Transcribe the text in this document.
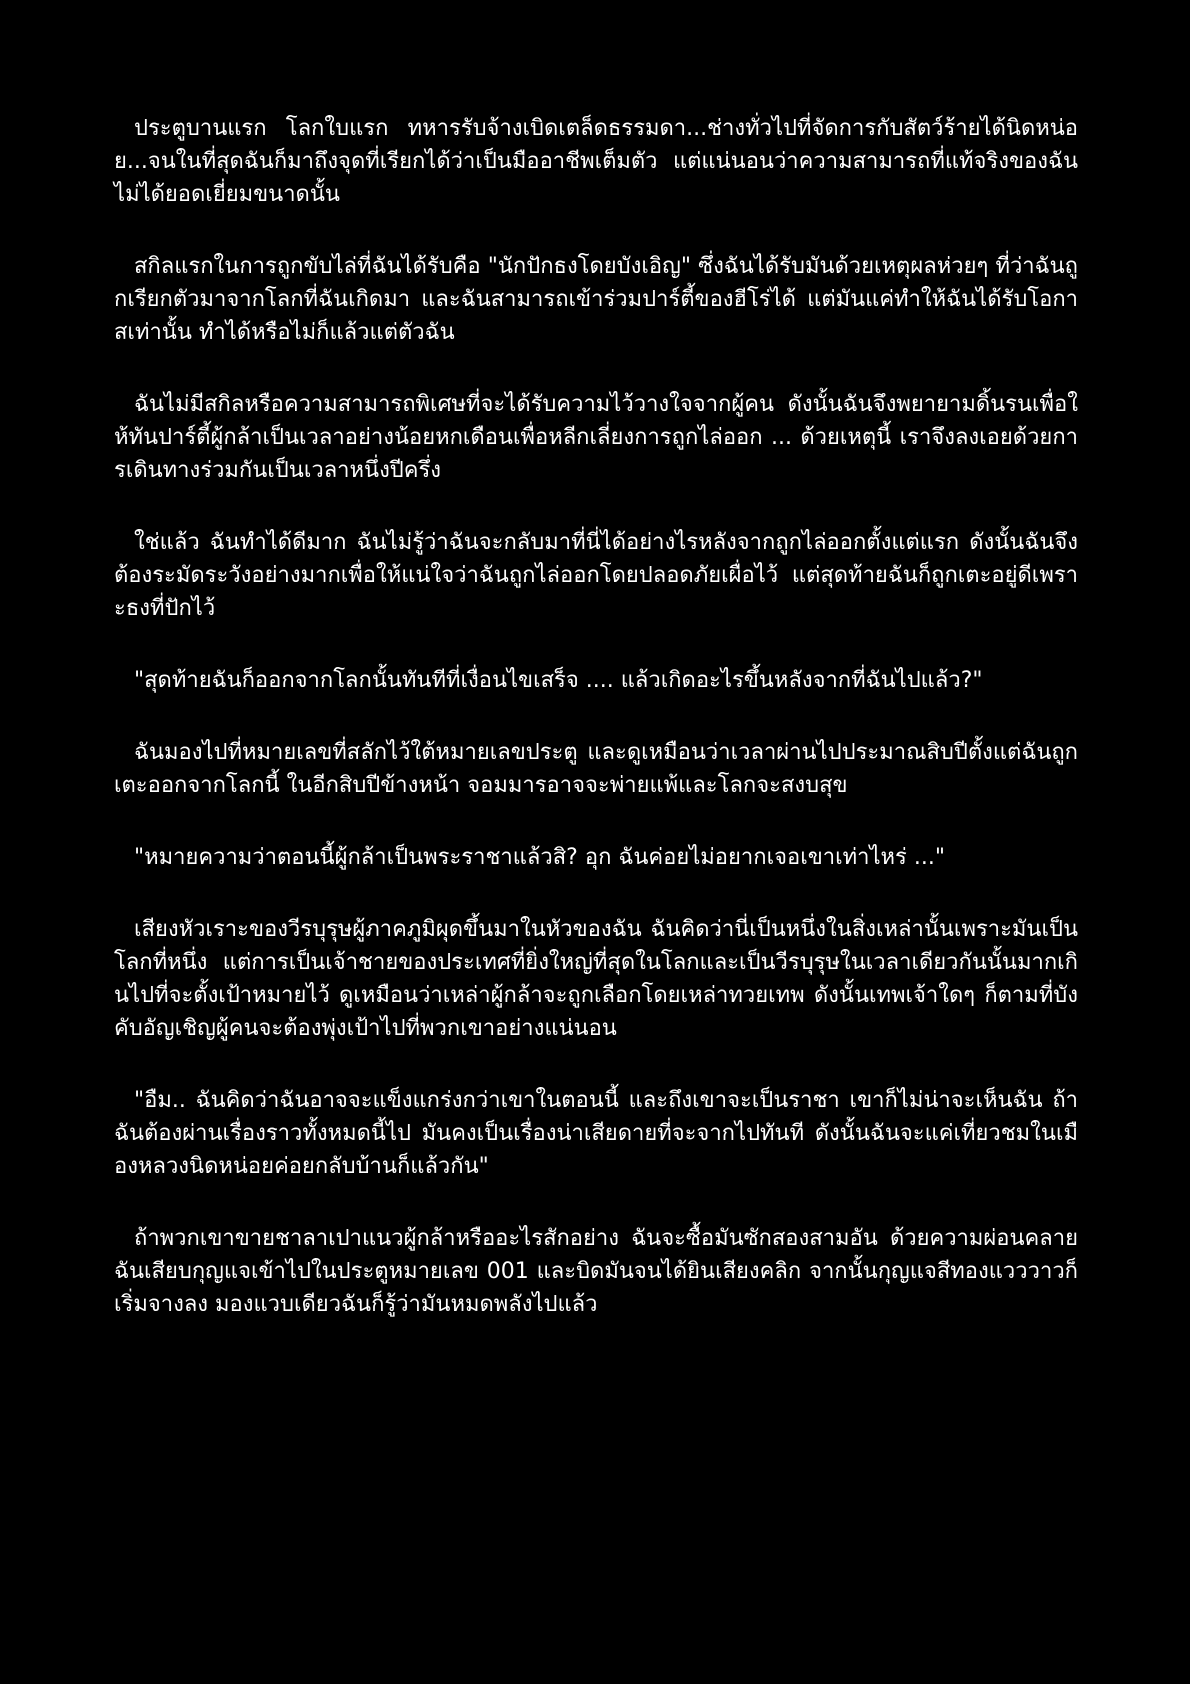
ประตูบานแรก โลกใบแรก ทหารรับจ้างเบิดเตล็ดธรรมดา...ช่างทั่วไปที่จัดการกับสัตว์ร้ายได้นิดหน่อย...จนในที่สุดฉันก็มาถึงจุดที่เรียกได้ว่าเป็นมืออาชีพเต็มตัว แต่แน่นอนว่าความสามารถที่แท้จริงของฉันไม่ได้ยอดเยี่ยมขนาดนั้น

สกิลแรกในการถูกขับไล่ที่ฉันได้รับคือ "นักปักธงโดยบังเอิญ" ซึ่งฉันได้รับมันด้วยเหตุผลห่วยๆ ที่ว่าฉันถูกเรียกตัวมาจากโลกที่ฉันเกิดมา และฉันสามารถเข้าร่วมปาร์ตี้ของฮีโร่ได้ แต่มันแค่ทำให้ฉันได้รับโอกาสเท่านั้น ทำได้หรือไม่ก็แล้วแต่ตัวฉัน

ฉันไม่มีสกิลหรือความสามารถพิเศษที่จะได้รับความไว้วางใจจากผู้คน ดังนั้นฉันจึงพยายามดิ้นรนเพื่อให้ทันปาร์ตี้ผู้กล้าเป็นเวลาอย่างน้อยหกเดือนเพื่อหลีกเลี่ยงการถูกไล่ออก ... ด้วยเหตุนี้ เราจึงลงเอยด้วยการเดินทางร่วมกันเป็นเวลาหนึ่งปีครึ่ง

ใช่แล้ว ฉันทำได้ดีมาก ฉันไม่รู้ว่าฉันจะกลับมาที่นี่ได้อย่างไรหลังจากถูกไล่ออกตั้งแต่แรก ดังนั้นฉันจึงต้องระมัดระวังอย่างมากเพื่อให้แน่ใจว่าฉันถูกไล่ออกโดยปลอดภัยเผื่อไว้ แต่สุดท้ายฉันก็ถูกเตะอยู่ดีเพราะธงที่ปักไว้

"สุดท้ายฉันก็ออกจากโลกนั้นทันทีที่เงื่อนไขเสร็จ .... แล้วเกิดอะไรขึ้นหลังจากที่ฉันไปแล้ว?"

ฉันมองไปที่หมายเลขที่สลักไว้ใต้หมายเลขประตู และดูเหมือนว่าเวลาผ่านไปประมาณสิบปีตั้งแต่ฉันถูกเตะออกจากโลกนี้ ในอีกสิบปีข้างหน้า จอมมารอาจจะพ่ายแพ้และโลกจะสงบสุข

"หมายความว่าตอนนี้ผู้กล้าเป็นพระราชาแล้วสิ? อุก ฉันค่อยไม่อยากเจอเขาเท่าไหร่ ..."

เสียงหัวเราะของวีรบุรุษผู้ภาคภูมิผุดขึ้นมาในหัวของฉัน ฉันคิดว่านี่เป็นหนึ่งในสิ่งเหล่านั้นเพราะมันเป็นโลกที่หนึ่ง แต่การเป็นเจ้าชายของประเทศที่ยิ่งใหญ่ที่สุดในโลกและเป็นวีรบุรุษในเวลาเดียวกันนั้นมากเกินไปที่จะตั้งเป้าหมายไว้ ดูเหมือนว่าเหล่าผู้กล้าจะถูกเลือกโดยเหล่าทวยเทพ ดังนั้นเทพเจ้าใดๆ ก็ตามที่บังคับอัญเชิญผู้คนจะต้องพุ่งเป้าไปที่พวกเขาอย่างแน่นอน

"อืม.. ฉันคิดว่าฉันอาจจะแข็งแกร่งกว่าเขาในตอนนี้ และถึงเขาจะเป็นราชา เขาก็ไม่น่าจะเห็นฉัน ถ้าฉันต้องผ่านเรื่องราวทั้งหมดนี้ไป มันคงเป็นเรื่องน่าเสียดายที่จะจากไปทันที ดังนั้นฉันจะแค่เที่ยวชมในเมืองหลวงนิดหน่อยค่อยกลับบ้านก็แล้วกัน"

ถ้าพวกเขาขายชาลาเปาแนวผู้กล้าหรืออะไรสักอย่าง ฉันจะซื้อมันซักสองสามอัน ด้วยความผ่อนคลาย ฉันเสียบกุญแจเข้าไปในประตูหมายเลข 001 และบิดมันจนได้ยินเสียงคลิก จากนั้นกุญแจสีทองแวววาวก็เริ่มจางลง มองแวบเดียวฉันก็รู้ว่ามันหมดพลังไปแล้ว
